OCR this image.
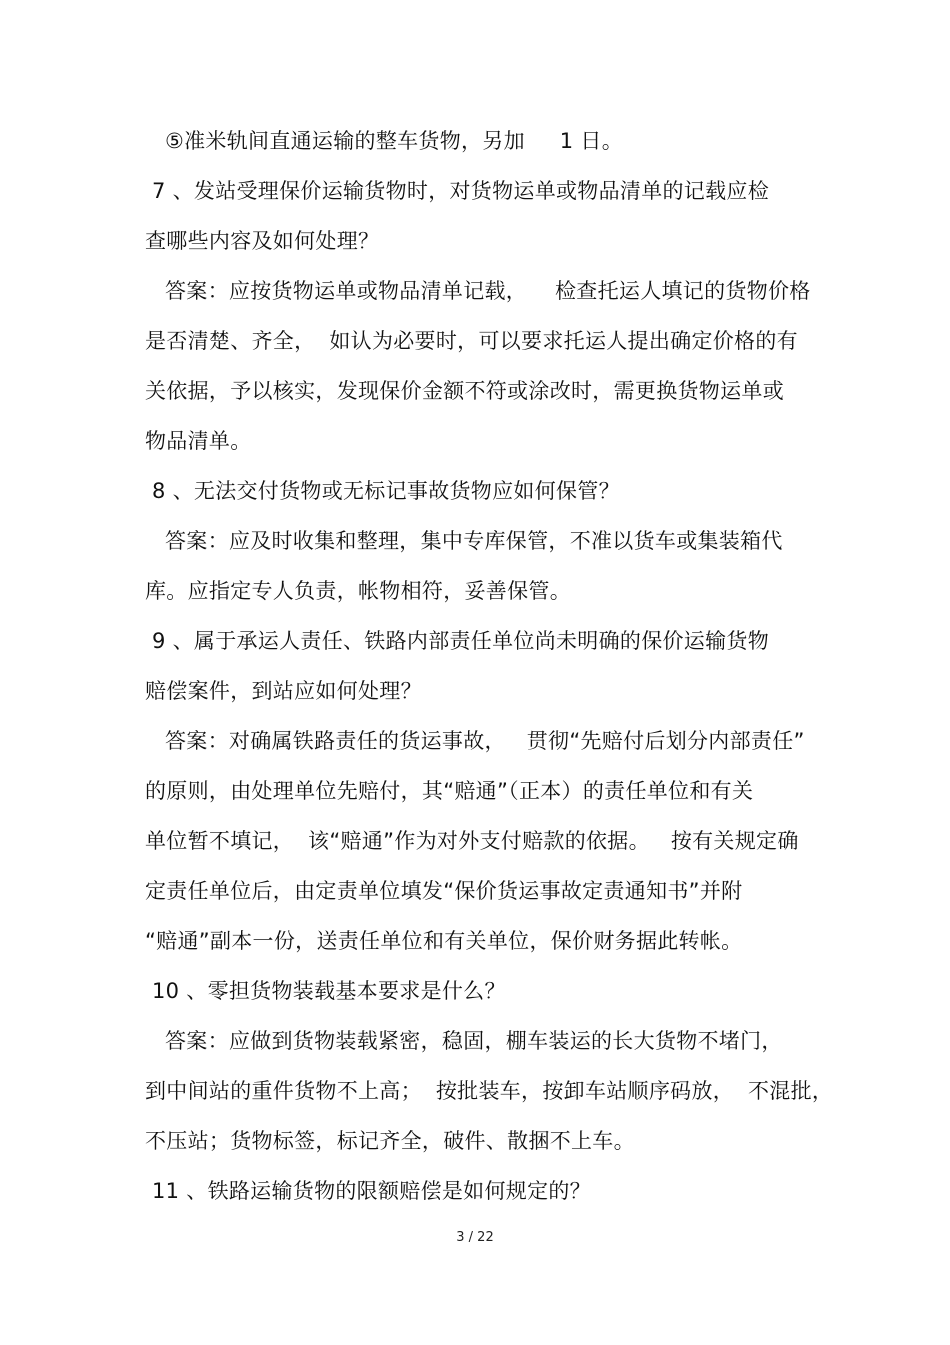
⑤准米轨间直通运输的整车货物，另加     1 日。
7 、发站受理保价运输货物时，对货物运单或物品清单的记载应检
查哪些内容及如何处理？
答案：应按货物运单或物品清单记载，    检查托运人填记的货物价格
是否清楚、齐全，  如认为必要时，可以要求托运人提出确定价格的有
关依据，予以核实，发现保价金额不符或涂改时，需更换货物运单或
物品清单。
8 、无法交付货物或无标记事故货物应如何保管？
答案：应及时收集和整理，集中专库保管，不准以货车或集装箱代
库。应指定专人负责，帐物相符，妥善保管。
9 、属于承运人责任、铁路内部责任单位尚未明确的保价运输货物
赔偿案件，到站应如何处理？
答案：对确属铁路责任的货运事故，   贯彻“先赔付后划分内部责任”
的原则，由处理单位先赔付，其“赔通”（正本）的责任单位和有关
单位暂不填记，  该“赔通”作为对外支付赔款的依据。   按有关规定确
定责任单位后，由定责单位填发“保价货运事故定责通知书”并附
“赔通”副本一份，送责任单位和有关单位，保价财务据此转帐。
10 、零担货物装载基本要求是什么？
答案：应做到货物装载紧密，稳固，棚车装运的长大货物不堵门，
到中间站的重件货物不上高；  按批装车，按卸车站顺序码放，  不混批，
不压站；货物标签，标记齐全，破件、散捆不上车。
11 、铁路运输货物的限额赔偿是如何规定的？
3 / 22
